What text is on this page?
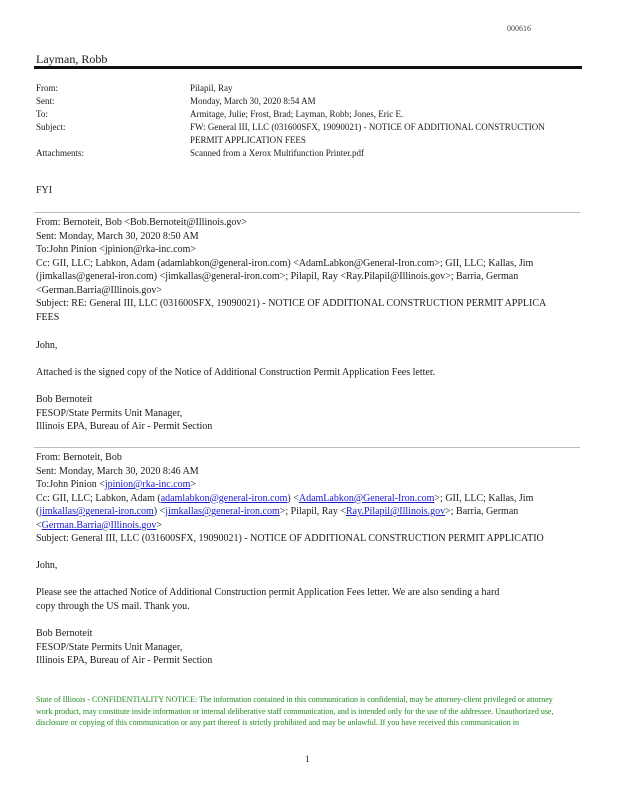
000616
Layman, Robb
From:	Pilapil, Ray
Sent:	Monday, March 30, 2020 8:54 AM
To:	Armitage, Julie; Frost, Brad; Layman, Robb; Jones, Eric E.
Subject:	FW: General III, LLC (031600SFX, 19090021) - NOTICE OF ADDITIONAL CONSTRUCTION
PERMIT APPLICATION FEES
Attachments:	Scanned from a Xerox Multifunction Printer.pdf
FYI
From: Bernoteit, Bob <Bob.Bernoteit@Illinois.gov>
Sent: Monday, March 30, 2020 8:50 AM
To:John Pinion <jpinion@rka-inc.com>
Cc: GII, LLC; Labkon, Adam (adamlabkon@general-iron.com) <AdamLabkon@General-Iron.com>; GII, LLC; Kallas, Jim
(jimkallas@general-iron.com) <jimkallas@general-iron.com>; Pilapil, Ray <Ray.Pilapil@Illinois.gov>; Barria, German
<German.Barria@Illinois.gov>
Subject: RE: General III, LLC (031600SFX, 19090021) - NOTICE OF ADDITIONAL CONSTRUCTION PERMIT APPLICA
FEES
John,
Attached is the signed copy of the Notice of Additional Construction Permit Application Fees letter.
Bob Bernoteit
FESOP/State Permits Unit Manager,
Illinois EPA, Bureau of Air - Permit Section
From: Bernoteit, Bob
Sent: Monday, March 30, 2020 8:46 AM
To:John Pinion <jpinion@rka-inc.com>
Cc: GII, LLC; Labkon, Adam (adamlabkon@general-iron.com) <AdamLabkon@General-Iron.com>; GII, LLC; Kallas, Jim
(jimkallas@general-iron.com) <jimkallas@general-iron.com>; Pilapil, Ray <Ray.Pilapil@Illinois.gov>; Barria, German
<German.Barria@Illinois.gov>
Subject: General III, LLC (031600SFX, 19090021) - NOTICE OF ADDITIONAL CONSTRUCTION PERMIT APPLICATIO
John,
Please see the attached Notice of Additional Construction permit Application Fees letter. We are also sending a hard
copy through the US mail. Thank you.
Bob Bernoteit
FESOP/State Permits Unit Manager,
Illinois EPA, Bureau of Air - Permit Section
State of Illinois - CONFIDENTIALITY NOTICE: The information contained in this communication is confidential, may be attorney-client privileged or attorney work product, may constitute inside information or internal deliberative staff communication, and is intended only for the use of the addressee. Unauthorized use, disclosure or copying of this communication or any part thereof is strictly prohibited and may be unlawful. If you have received this communication in
1
